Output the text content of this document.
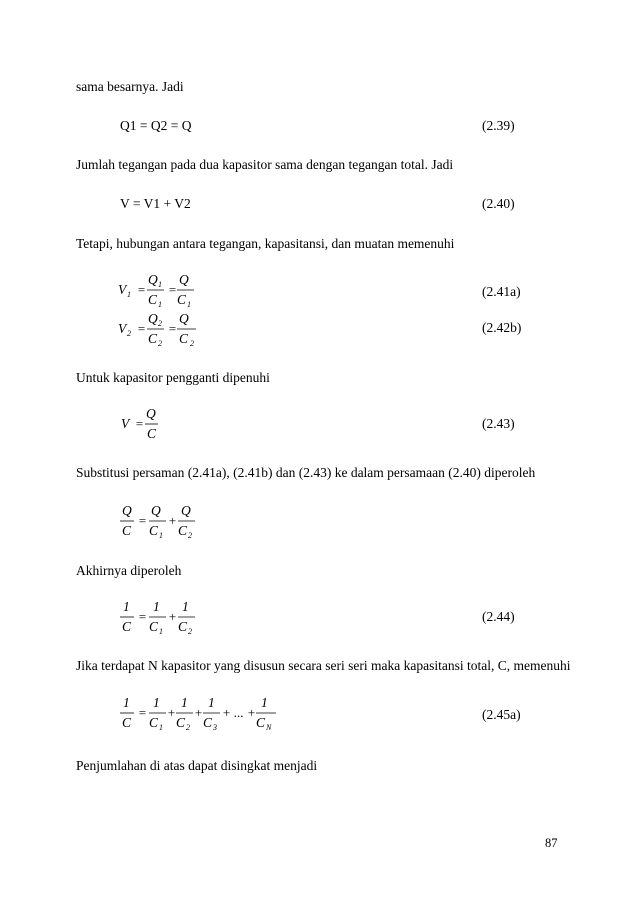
sama besarnya. Jadi
Q1 = Q2 = Q	(2.39)
Jumlah tegangan pada dua kapasitor sama dengan tegangan total. Jadi
V = V1 + V2	(2.40)
Tetapi, hubungan antara tegangan, kapasitansi, dan muatan memenuhi
V 1 =
Q 1
C 1
=
Q
C 1
(2.41a)
V 2 =
Q 2
C 2
=
Q
C 2
(2.42b)
Untuk kapasitor pengganti dipenuhi
V =
Q
C
(2.43)
Substitusi persaman (2.41a), (2.41b) dan (2.43) ke dalam persamaan (2.40) diperoleh
Q
C
=
Q
C 1
+
Q
C 2
Akhirnya diperoleh
1
C
=
1
C 1
+
1
C 2
(2.44)
Jika terdapat N kapasitor yang disusun secara seri seri maka kapasitansi total, C, memenuhi
1
C
=
1
C 1
+
1
C 2
+
1
C 3
+ ... +
1
C N
(2.45a)
Penjumlahan di atas dapat disingkat menjadi
87
